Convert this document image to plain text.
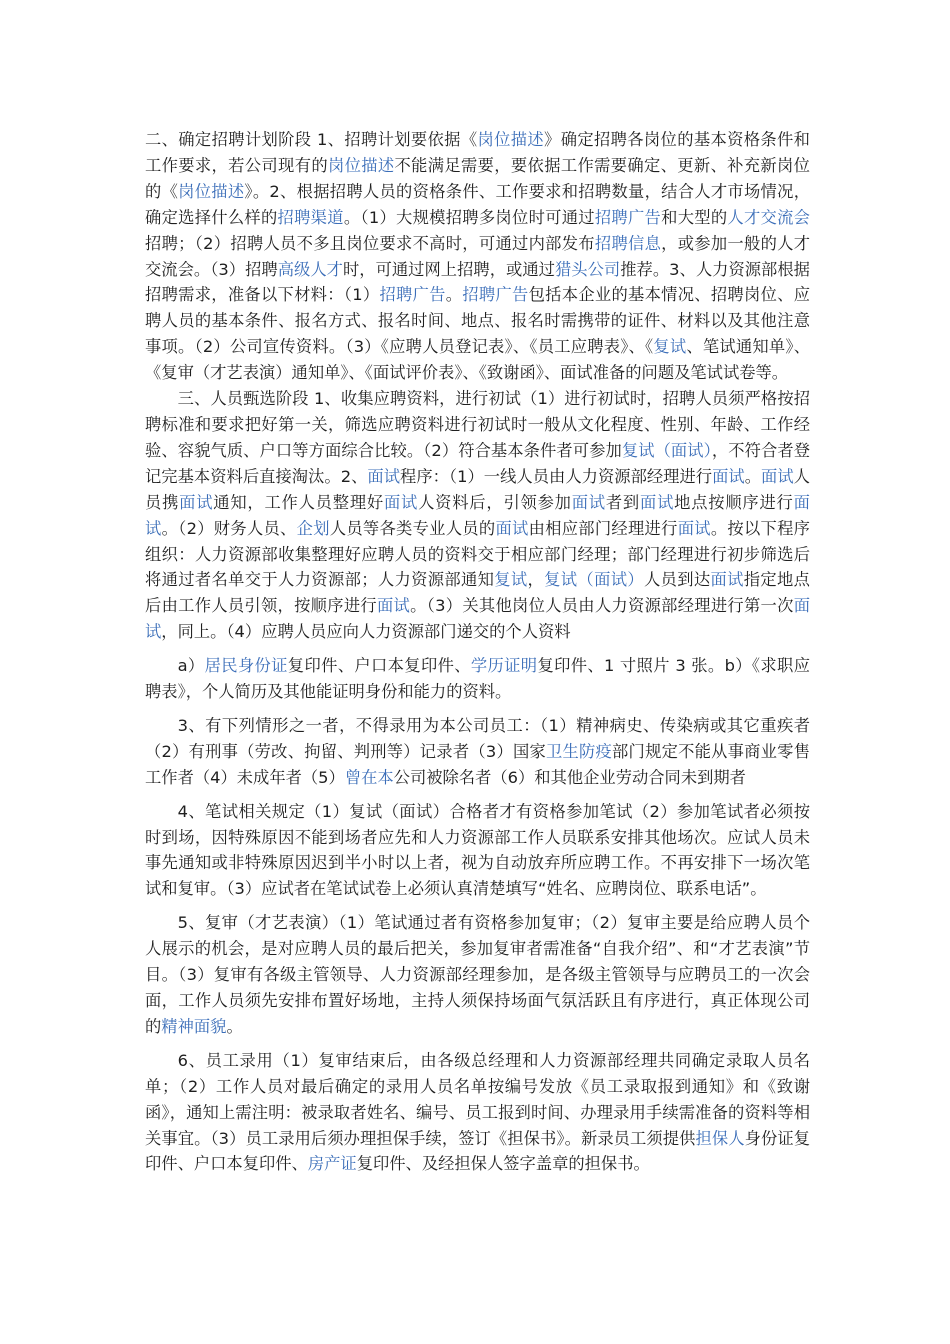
二、确定招聘计划阶段 1、招聘计划要依据《岗位描述》确定招聘各岗位的基本资格条件和工作要求，若公司现有的岗位描述不能满足需要，要依据工作需要确定、更新、补充新岗位的《岗位描述》。2、根据招聘人员的资格条件、工作要求和招聘数量，结合人才市场情况，确定选择什么样的招聘渠道。（1）大规模招聘多岗位时可通过招聘广告和大型的人才交流会招聘；（2）招聘人员不多且岗位要求不高时，可通过内部发布招聘信息，或参加一般的人才交流会。（3）招聘高级人才时，可通过网上招聘，或通过猎头公司推荐。3、人力资源部根据招聘需求，准备以下材料：（1）招聘广告。招聘广告包括本企业的基本情况、招聘岗位、应聘人员的基本条件、报名方式、报名时间、地点、报名时需携带的证件、材料以及其他注意事项。（2）公司宣传资料。（3）《应聘人员登记表》、《员工应聘表》、《复试、笔试通知单》、《复审（才艺表演）通知单》、《面试评价表》、《致谢函》、面试准备的问题及笔试试卷等。

三、人员甄选阶段 1、收集应聘资料，进行初试（1）进行初试时，招聘人员须严格按招聘标准和要求把好第一关，筛选应聘资料进行初试时一般从文化程度、性别、年龄、工作经验、容貌气质、户口等方面综合比较。（2）符合基本条件者可参加复试（面试），不符合者登记完基本资料后直接淘汰。2、面试程序：（1）一线人员由人力资源部经理进行面试。面试人员携面试通知，工作人员整理好面试人资料后，引领参加面试者到面试地点按顺序进行面试。（2）财务人员、企划人员等各类专业人员的面试由相应部门经理进行面试。按以下程序组织：人力资源部收集整理好应聘人员的资料交于相应部门经理；部门经理进行初步筛选后将通过者名单交于人力资源部；人力资源部通知复试，复试（面试）人员到达面试指定地点后由工作人员引领，按顺序进行面试。（3）关其他岗位人员由人力资源部经理进行第一次面试，同上。（4）应聘人员应向人力资源部门递交的个人资料

a）居民身份证复印件、户口本复印件、学历证明复印件、1 寸照片 3 张。b）《求职应聘表》，个人简历及其他能证明身份和能力的资料。

3、有下列情形之一者，不得录用为本公司员工：（1）精神病史、传染病或其它重疾者（2）有刑事（劳改、拘留、判刑等）记录者（3）国家卫生防疫部门规定不能从事商业零售工作者（4）未成年者（5）曾在本公司被除名者（6）和其他企业劳动合同未到期者

4、笔试相关规定（1）复试（面试）合格者才有资格参加笔试（2）参加笔试者必须按时到场，因特殊原因不能到场者应先和人力资源部工作人员联系安排其他场次。应试人员未事先通知或非特殊原因迟到半小时以上者，视为自动放弃所应聘工作。不再安排下一场次笔试和复审。（3）应试者在笔试试卷上必须认真清楚填写“姓名、应聘岗位、联系电话”。

5、复审（才艺表演）（1）笔试通过者有资格参加复审；（2）复审主要是给应聘人员个人展示的机会，是对应聘人员的最后把关，参加复审者需准备“自我介绍”、和“才艺表演”节目。（3）复审有各级主管领导、人力资源部经理参加，是各级主管领导与应聘员工的一次会面，工作人员须先安排布置好场地，主持人须保持场面气氛活跃且有序进行，真正体现公司的精神面貌。

6、员工录用（1）复审结束后，由各级总经理和人力资源部经理共同确定录取人员名单；（2）工作人员对最后确定的录用人员名单按编号发放《员工录取报到通知》和《致谢函》，通知上需注明：被录取者姓名、编号、员工报到时间、办理录用手续需准备的资料等相关事宜。（3）员工录用后须办理担保手续，签订《担保书》。新录员工须提供担保人身份证复印件、户口本复印件、房产证复印件、及经担保人签字盖章的担保书。
